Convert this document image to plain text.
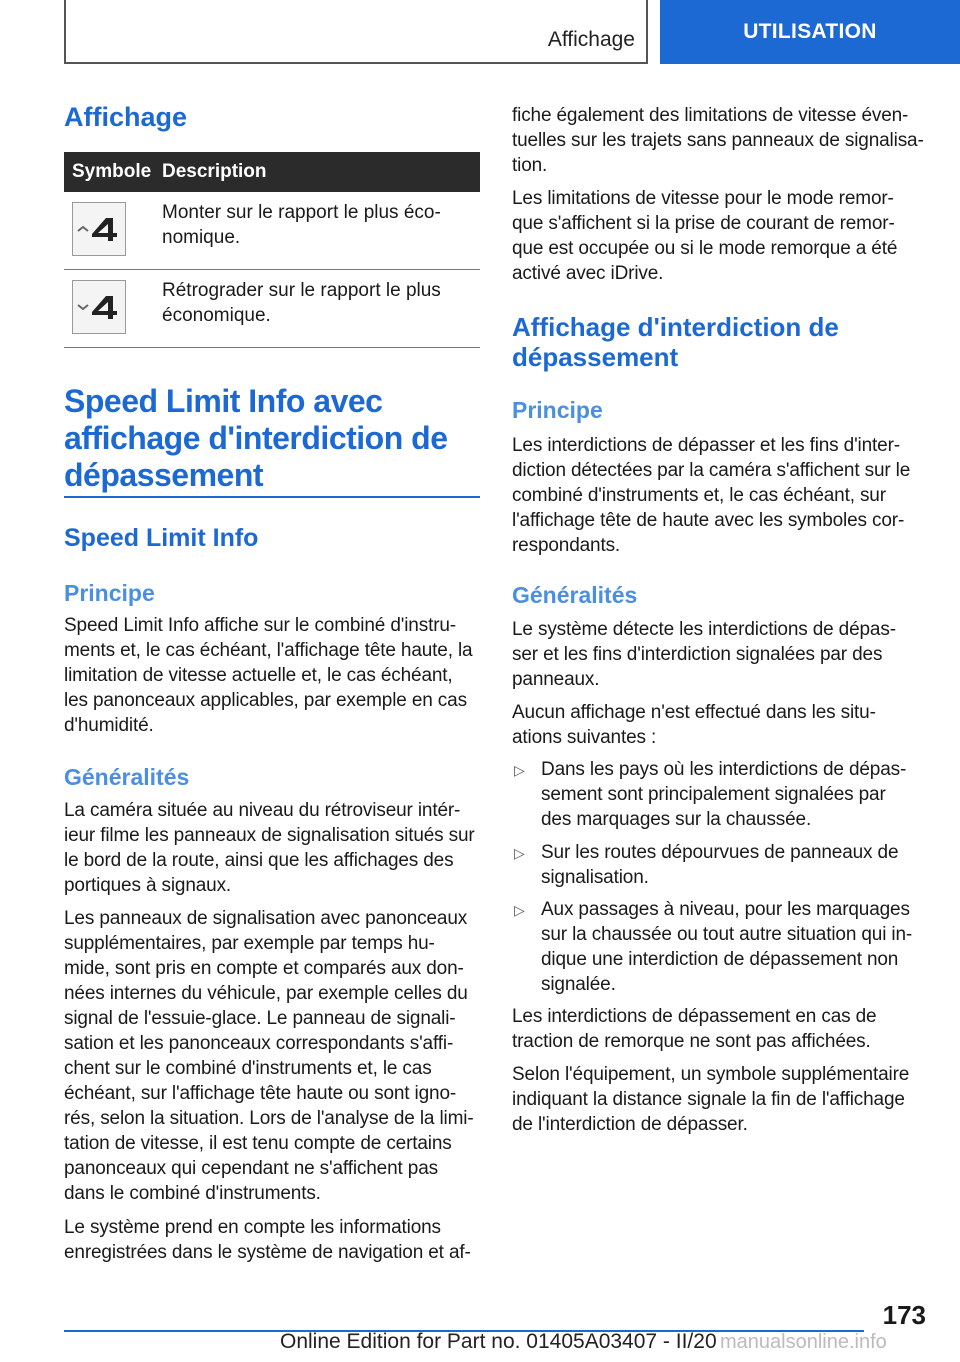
Affichage	UTILISATION
Affichage
Symbole	Description

	Monter sur le rapport le plus éco-nomique.

	Rétrograder sur le rapport le plus économique.
Speed Limit Info avec
affichage d'interdiction de
dépassement
Speed Limit Info
Principe
Speed Limit Info affiche sur le combiné d'instru-
ments et, le cas échéant, l'affichage tête haute, la
limitation de vitesse actuelle et, le cas échéant,
les panonceaux applicables, par exemple en cas
d'humidité.
Généralités
La caméra située au niveau du rétroviseur intér-
ieur filme les panneaux de signalisation situés sur
le bord de la route, ainsi que les affichages des
portiques à signaux.
Les panneaux de signalisation avec panonceaux
supplémentaires, par exemple par temps hu-
mide, sont pris en compte et comparés aux don-
nées internes du véhicule, par exemple celles du
signal de l'essuie-glace. Le panneau de signali-
sation et les panonceaux correspondants s'affi-
chent sur le combiné d'instruments et, le cas
échéant, sur l'affichage tête haute ou sont igno-
rés, selon la situation. Lors de l'analyse de la limi-
tation de vitesse, il est tenu compte de certains
panonceaux qui cependant ne s'affichent pas
dans le combiné d'instruments.
Le système prend en compte les informations
enregistrées dans le système de navigation et af-
fiche également des limitations de vitesse éven-
tuelles sur les trajets sans panneaux de signalisa-
tion.
Les limitations de vitesse pour le mode remor-
que s'affichent si la prise de courant de remor-
que est occupée ou si le mode remorque a été
activé avec iDrive.
Affichage d'interdiction de
dépassement
Principe
Les interdictions de dépasser et les fins d'inter-
diction détectées par la caméra s'affichent sur le
combiné d'instruments et, le cas échéant, sur
l'affichage tête de haute avec les symboles cor-
respondants.
Généralités
Le système détecte les interdictions de dépas-
ser et les fins d'interdiction signalées par des
panneaux.
Aucun affichage n'est effectué dans les situ-
ations suivantes :
▷ Dans les pays où les interdictions de dépas-
sement sont principalement signalées par
des marquages sur la chaussée.
▷ Sur les routes dépourvues de panneaux de
signalisation.
▷ Aux passages à niveau, pour les marquages
sur la chaussée ou tout autre situation qui in-
dique une interdiction de dépassement non
signalée.
Les interdictions de dépassement en cas de
traction de remorque ne sont pas affichées.
Selon l'équipement, un symbole supplémentaire
indiquant la distance signale la fin de l'affichage
de l'interdiction de dépasser.
173
Online Edition for Part no. 01405A03407 - II/20 manualsonline.info
